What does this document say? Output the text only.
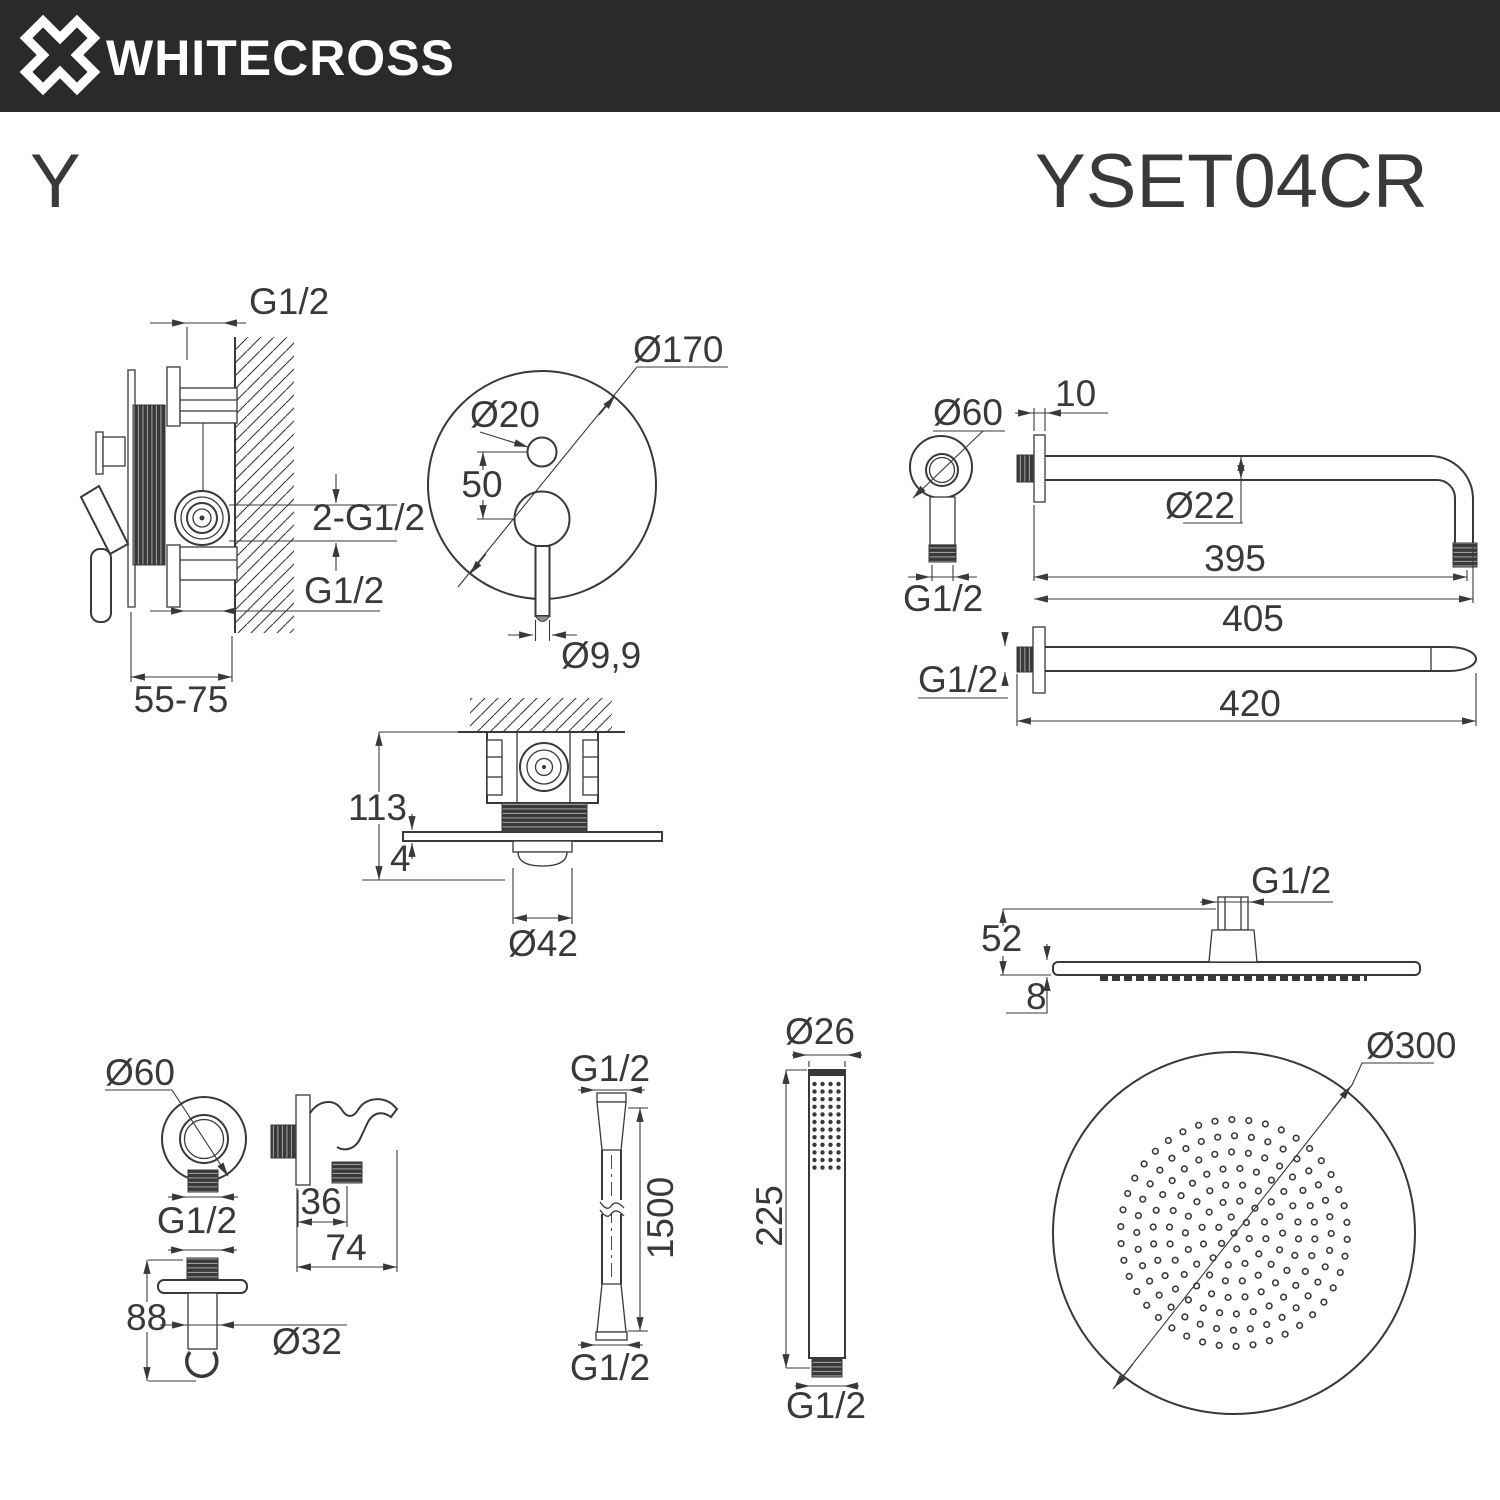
WHITECROSS
Y	YSET04CR
G1/2
2-G1/2
G1/2
55-75
Ø170
Ø20
50
Ø9,9
Ø60
G1/2
10
Ø22
395
405
G1/2
420
113
4
Ø42
G1/2
52
8
G1/2
Ø60
36
74
88
Ø32
G1/2
1500
G1/2
Ø26
225
G1/2
Ø300
